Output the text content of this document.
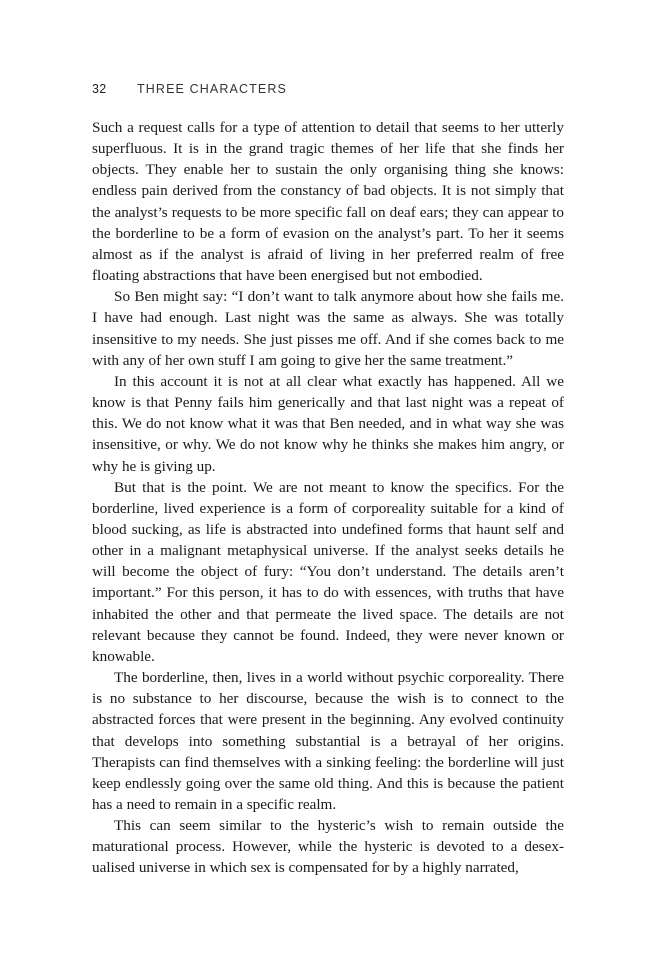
32 THREE CHARACTERS

Such a request calls for a type of attention to detail that seems to her utterly superfluous. It is in the grand tragic themes of her life that she finds her objects. They enable her to sustain the only organising thing she knows: endless pain derived from the constancy of bad objects. It is not simply that the analyst’s requests to be more specific fall on deaf ears; they can appear to the borderline to be a form of evasion on the analyst’s part. To her it seems almost as if the analyst is afraid of living in her preferred realm of free floating abstractions that have been energised but not embodied.

So Ben might say: “I don’t want to talk anymore about how she fails me. I have had enough. Last night was the same as always. She was totally insensitive to my needs. She just pisses me off. And if she comes back to me with any of her own stuff I am going to give her the same treatment.”

In this account it is not at all clear what exactly has happened. All we know is that Penny fails him generically and that last night was a repeat of this. We do not know what it was that Ben needed, and in what way she was insensitive, or why. We do not know why he thinks she makes him angry, or why he is giving up.

But that is the point. We are not meant to know the specifics. For the borderline, lived experience is a form of corporeality suitable for a kind of blood sucking, as life is abstracted into undefined forms that haunt self and other in a malignant metaphysical universe. If the analyst seeks details he will become the object of fury: “You don’t understand. The details aren’t important.” For this person, it has to do with essences, with truths that have inhabited the other and that permeate the lived space. The details are not relevant because they cannot be found. Indeed, they were never known or knowable.

The borderline, then, lives in a world without psychic corporeality. There is no substance to her discourse, because the wish is to connect to the abstracted forces that were present in the beginning. Any evolved continuity that develops into something substantial is a betrayal of her origins. Therapists can find themselves with a sinking feeling: the borderline will just keep endlessly going over the same old thing. And this is because the patient has a need to remain in a specific realm.

This can seem similar to the hysteric’s wish to remain outside the maturational process. However, while the hysteric is devoted to a desexualised universe in which sex is compensated for by a highly narrated,
